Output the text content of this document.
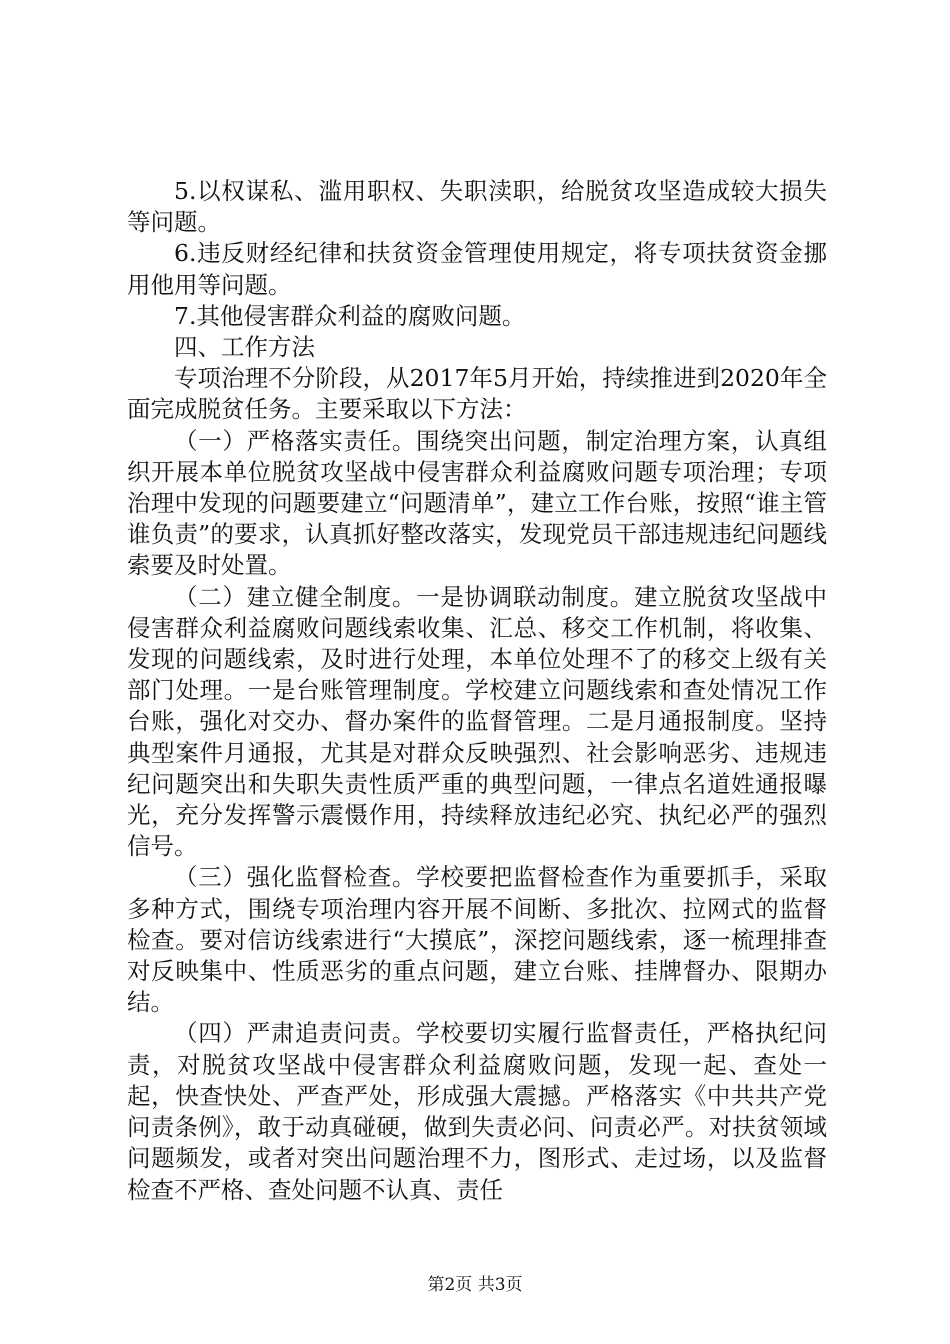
5.以权谋私、滥用职权、失职渎职，给脱贫攻坚造成较大损失等问题。

6.违反财经纪律和扶贫资金管理使用规定，将专项扶贫资金挪用他用等问题。

7.其他侵害群众利益的腐败问题。

四、工作方法

专项治理不分阶段，从2017年5月开始，持续推进到2020年全面完成脱贫任务。主要采取以下方法：

（一）严格落实责任。围绕突出问题，制定治理方案，认真组织开展本单位脱贫攻坚战中侵害群众利益腐败问题专项治理；专项治理中发现的问题要建立“问题清单”，建立工作台账，按照“谁主管谁负责”的要求，认真抓好整改落实，发现党员干部违规违纪问题线索要及时处置。

（二）建立健全制度。一是协调联动制度。建立脱贫攻坚战中侵害群众利益腐败问题线索收集、汇总、移交工作机制，将收集、发现的问题线索，及时进行处理，本单位处理不了的移交上级有关部门处理。一是台账管理制度。学校建立问题线索和查处情况工作台账，强化对交办、督办案件的监督管理。二是月通报制度。坚持典型案件月通报，尤其是对群众反映强烈、社会影响恶劣、违规违纪问题突出和失职失责性质严重的典型问题，一律点名道姓通报曝光，充分发挥警示震慑作用，持续释放违纪必究、执纪必严的强烈信号。

（三）强化监督检查。学校要把监督检查作为重要抓手，采取多种方式，围绕专项治理内容开展不间断、多批次、拉网式的监督检查。要对信访线索进行“大摸底”，深挖问题线索，逐一梳理排查对反映集中、性质恶劣的重点问题，建立台账、挂牌督办、限期办结。

（四）严肃追责问责。学校要切实履行监督责任，严格执纪问责，对脱贫攻坚战中侵害群众利益腐败问题，发现一起、查处一起，快查快处、严查严处，形成强大震撼。严格落实《中共共产党问责条例》，敢于动真碰硬，做到失责必问、问责必严。对扶贫领域问题频发，或者对突出问题治理不力，图形式、走过场，以及监督检查不严格、查处问题不认真、责任

第2页 共3页
